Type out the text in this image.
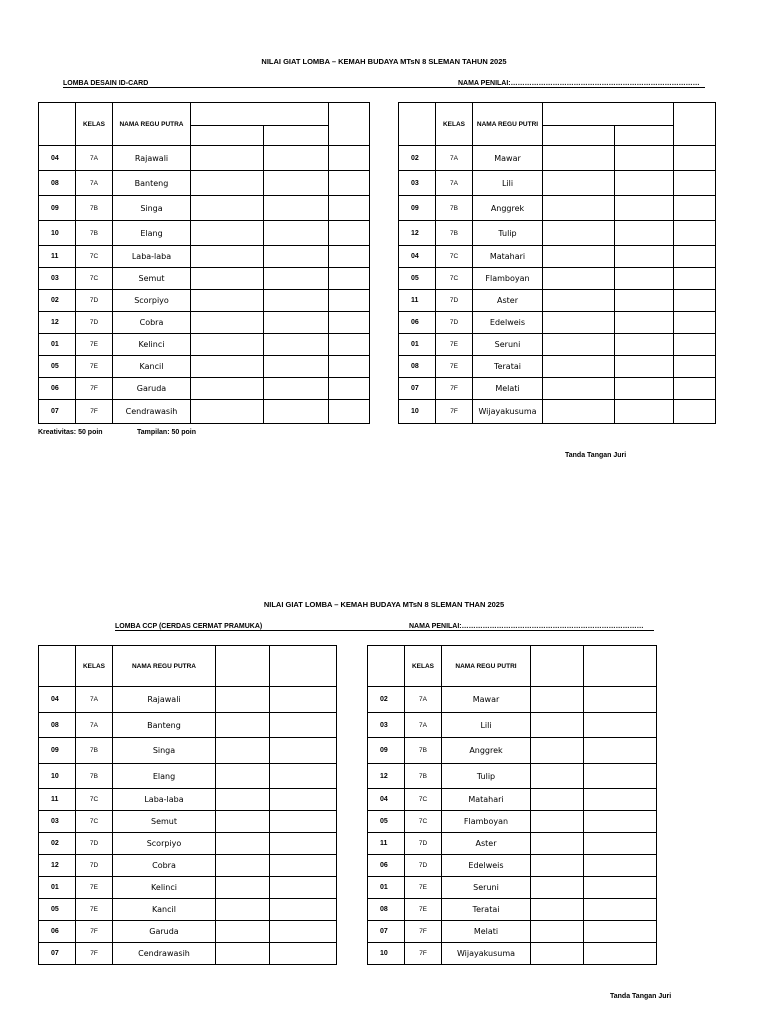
NILAI GIAT LOMBA – KEMAH BUDAYA MTsN 8 SLEMAN TAHUN 2025
LOMBA DESAIN ID-CARD	NAMA PENILAI:………………………………………………………………………
	KELAS	NAMA REGU PUTRA			

04	7A	Rajawali			
08	7A	Banteng			
09	7B	Singa			
10	7B	Elang			
11	7C	Laba-laba			
03	7C	Semut			
02	7D	Scorpiyo			
12	7D	Cobra			
01	7E	Kelinci			
05	7E	Kancil			
06	7F	Garuda			
07	7F	Cendrawasih			
	KELAS	NAMA REGU PUTRI			

02	7A	Mawar			
03	7A	Lili			
09	7B	Anggrek			
12	7B	Tulip			
04	7C	Matahari			
05	7C	Flamboyan			
11	7D	Aster			
06	7D	Edelweis			
01	7E	Seruni			
08	7E	Teratai			
07	7F	Melati			
10	7F	Wijayakusuma			
Kreativitas: 50 poin	Tampilan: 50 poin
Tanda Tangan Juri
NILAI GIAT LOMBA – KEMAH BUDAYA MTsN 8 SLEMAN THAN 2025
LOMBA CCP (CERDAS CERMAT PRAMUKA)	NAMA PENILAI:……………………………………………………………………
	KELAS	NAMA REGU PUTRA		
04	7A	Rajawali		
08	7A	Banteng		
09	7B	Singa		
10	7B	Elang		
11	7C	Laba-laba		
03	7C	Semut		
02	7D	Scorpiyo		
12	7D	Cobra		
01	7E	Kelinci		
05	7E	Kancil		
06	7F	Garuda		
07	7F	Cendrawasih		
	KELAS	NAMA REGU PUTRI		
02	7A	Mawar		
03	7A	Lili		
09	7B	Anggrek		
12	7B	Tulip		
04	7C	Matahari		
05	7C	Flamboyan		
11	7D	Aster		
06	7D	Edelweis		
01	7E	Seruni		
08	7E	Teratai		
07	7F	Melati		
10	7F	Wijayakusuma		
Tanda Tangan Juri
